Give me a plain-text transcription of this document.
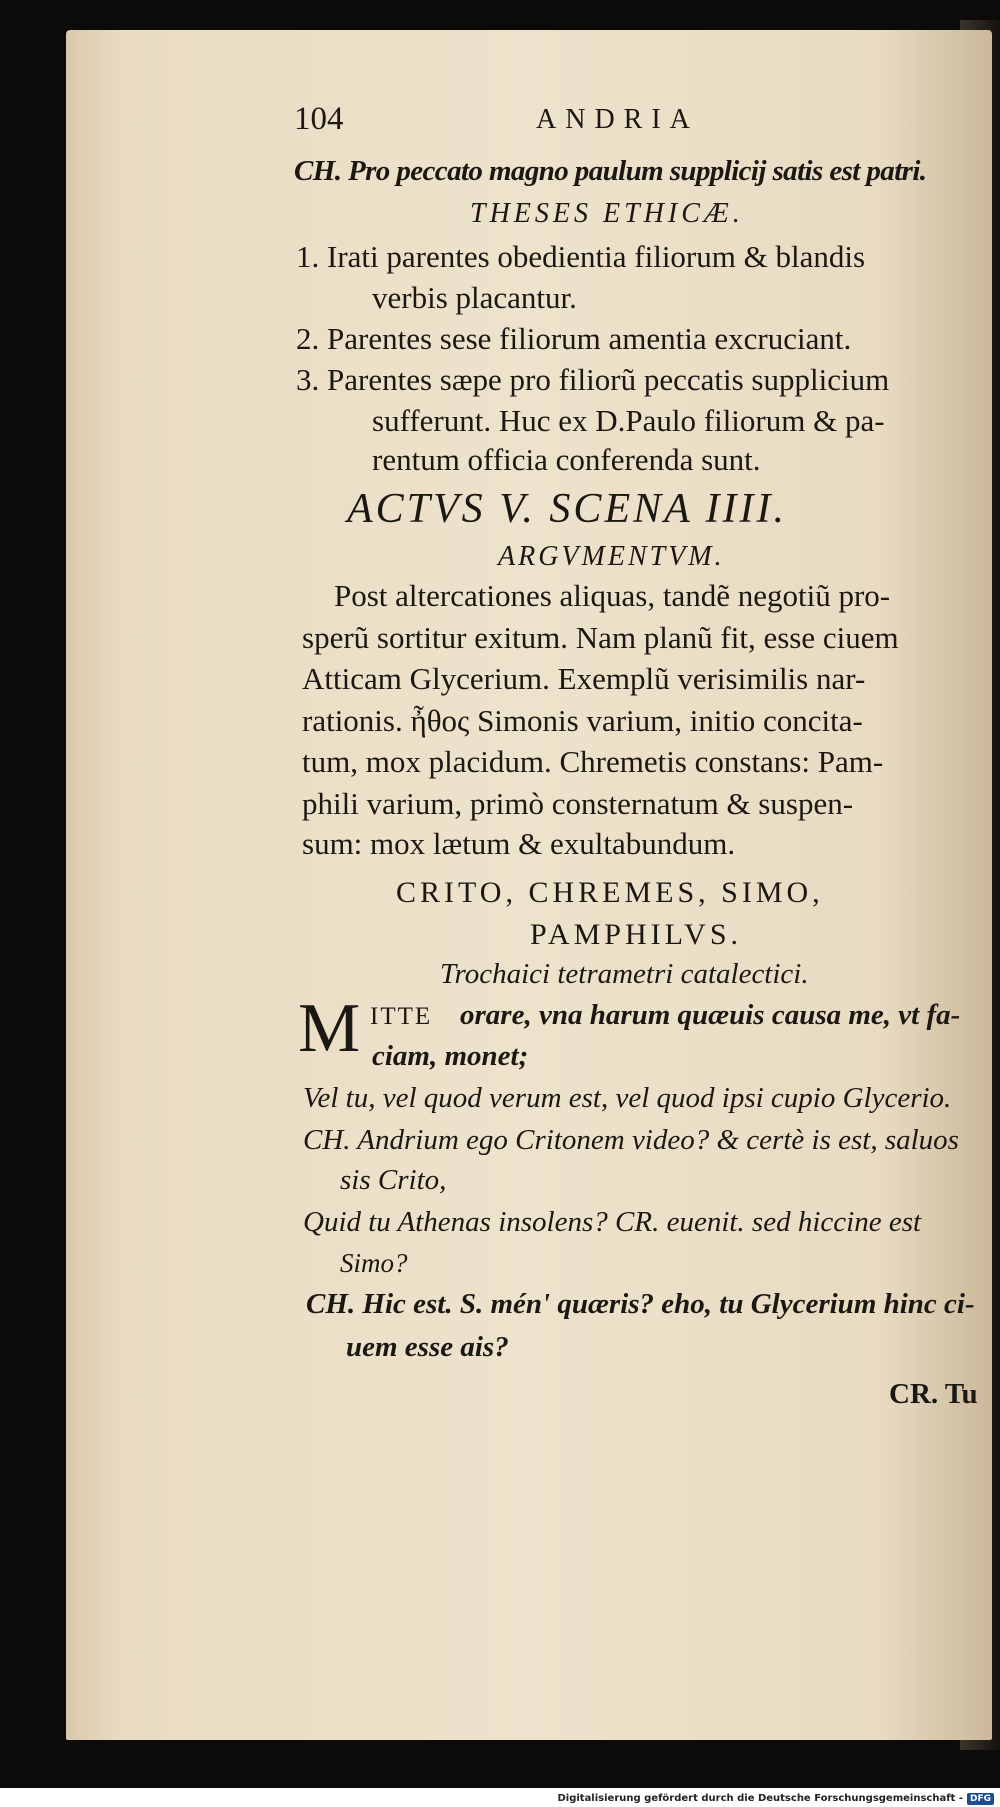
104	ANDRIA
CH. Pro peccato magno paulum supplicij satis est patri.
THESES ETHICÆ.
1. Irati parentes obedientia filiorum & blandis
verbis placantur.
2. Parentes sese filiorum amentia excruciant.
3. Parentes sæpe pro filiorũ peccatis supplicium
sufferunt. Huc ex D.Paulo filiorum & pa-
rentum officia conferenda sunt.
ACTVS V. SCENA IIII.
ARGVMENTVM.
Post altercationes aliquas, tandẽ negotiũ pro-
sperũ sortitur exitum. Nam planũ fit, esse ciuem
Atticam Glycerium. Exemplũ verisimilis nar-
rationis. ἦθος Simonis varium, initio concita-
tum, mox placidum. Chremetis constans: Pam-
phili varium, primò consternatum & suspen-
sum: mox lætum & exultabundum.
CRITO, CHREMES, SIMO,
PAMPHILVS.
Trochaici tetrametri catalectici.
M ITTE orare, vna harum quæuis causa me, vt fa-
ciam, monet;
Vel tu, vel quod verum est, vel quod ipsi cupio Glycerio.
CH. Andrium ego Critonem video? & certè is est, saluos
sis Crito,
Quid tu Athenas insolens? CR. euenit. sed hiccine est
Simo?
CH. Hic est. S. mén' quæris? eho, tu Glycerium hinc ci-
uem esse ais?
CR. Tu
Digitalisierung gefördert durch die Deutsche Forschungsgemeinschaft - DFG
